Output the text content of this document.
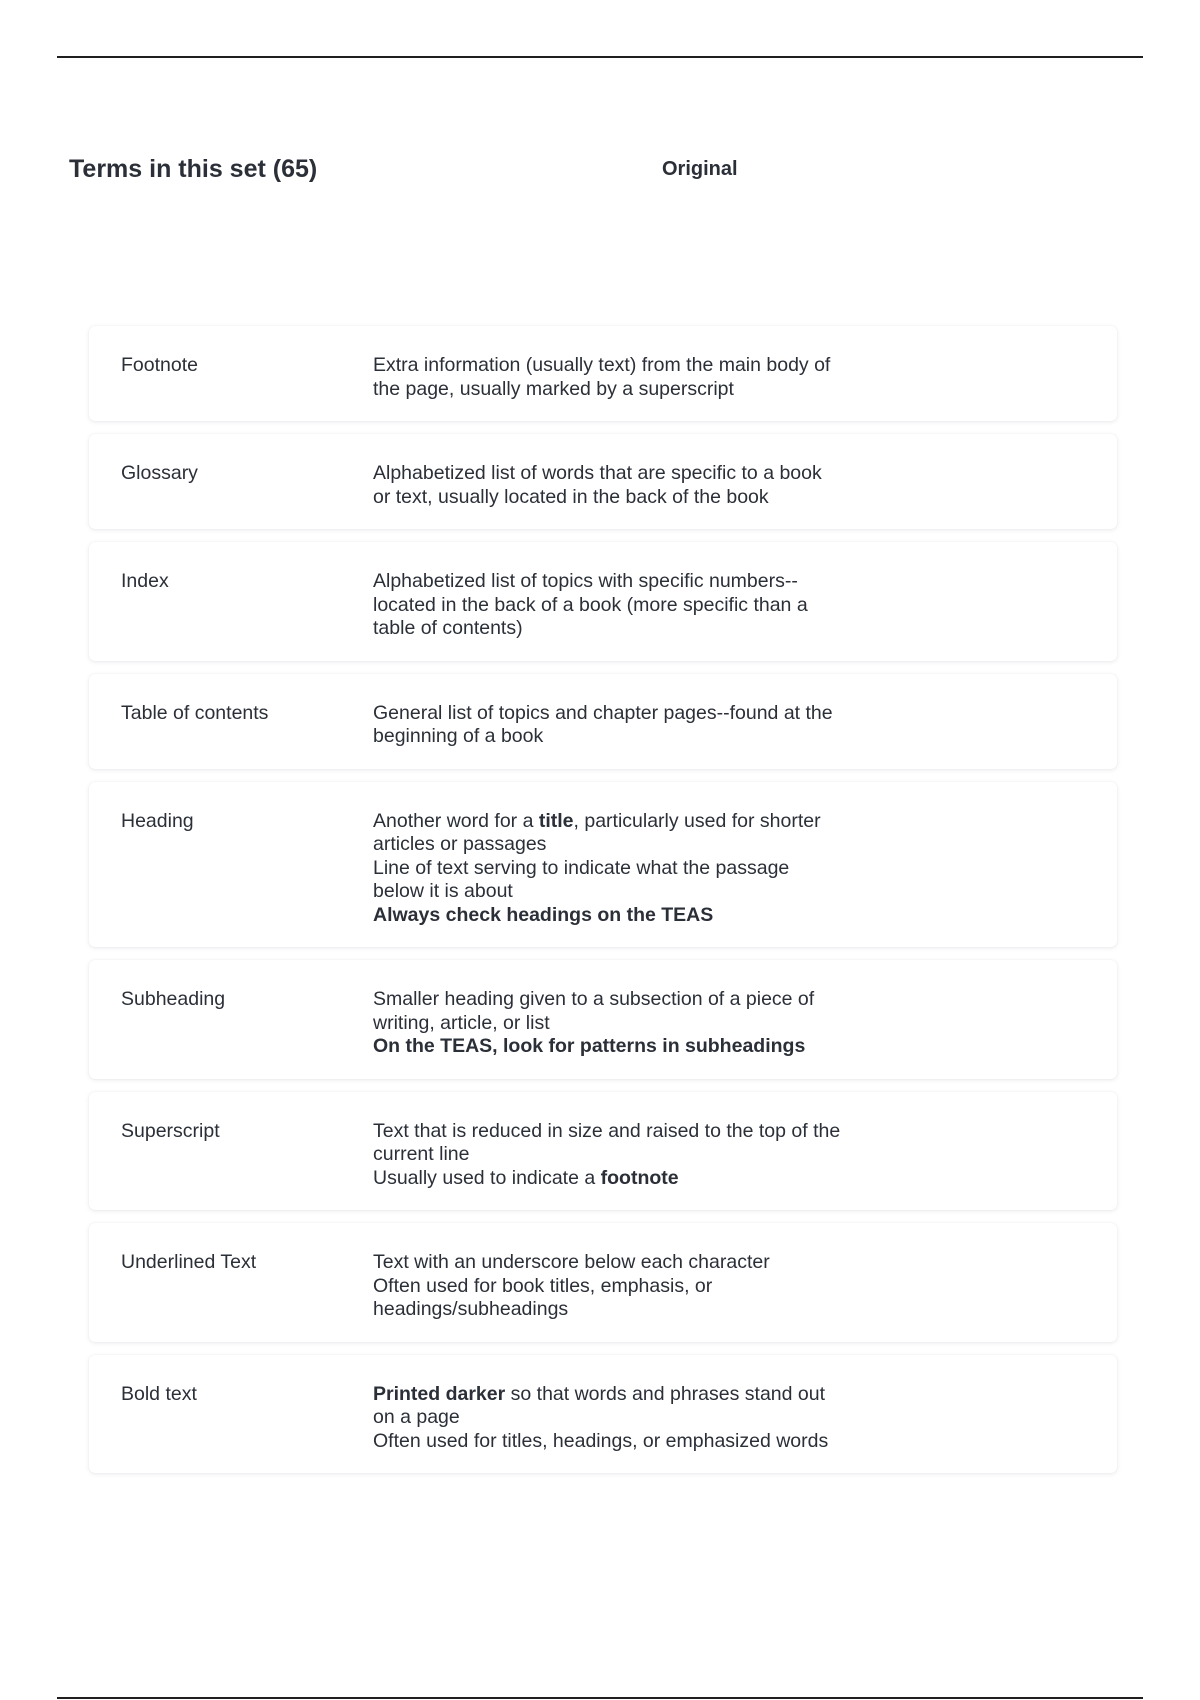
Terms in this set (65)	Original
Footnote	Extra information (usually text) from the main body of the page, usually marked by a superscript
Glossary	Alphabetized list of words that are specific to a book or text, usually located in the back of the book
Index	Alphabetized list of topics with specific numbers--located in the back of a book (more specific than a table of contents)
Table of contents	General list of topics and chapter pages--found at the beginning of a book
Heading	Another word for a title, particularly used for shorter articles or passages
Line of text serving to indicate what the passage below it is about
Always check headings on the TEAS
Subheading	Smaller heading given to a subsection of a piece of writing, article, or list
On the TEAS, look for patterns in subheadings
Superscript	Text that is reduced in size and raised to the top of the current line
Usually used to indicate a footnote
Underlined Text	Text with an underscore below each character
Often used for book titles, emphasis, or headings/subheadings
Bold text	Printed darker so that words and phrases stand out on a page
Often used for titles, headings, or emphasized words
